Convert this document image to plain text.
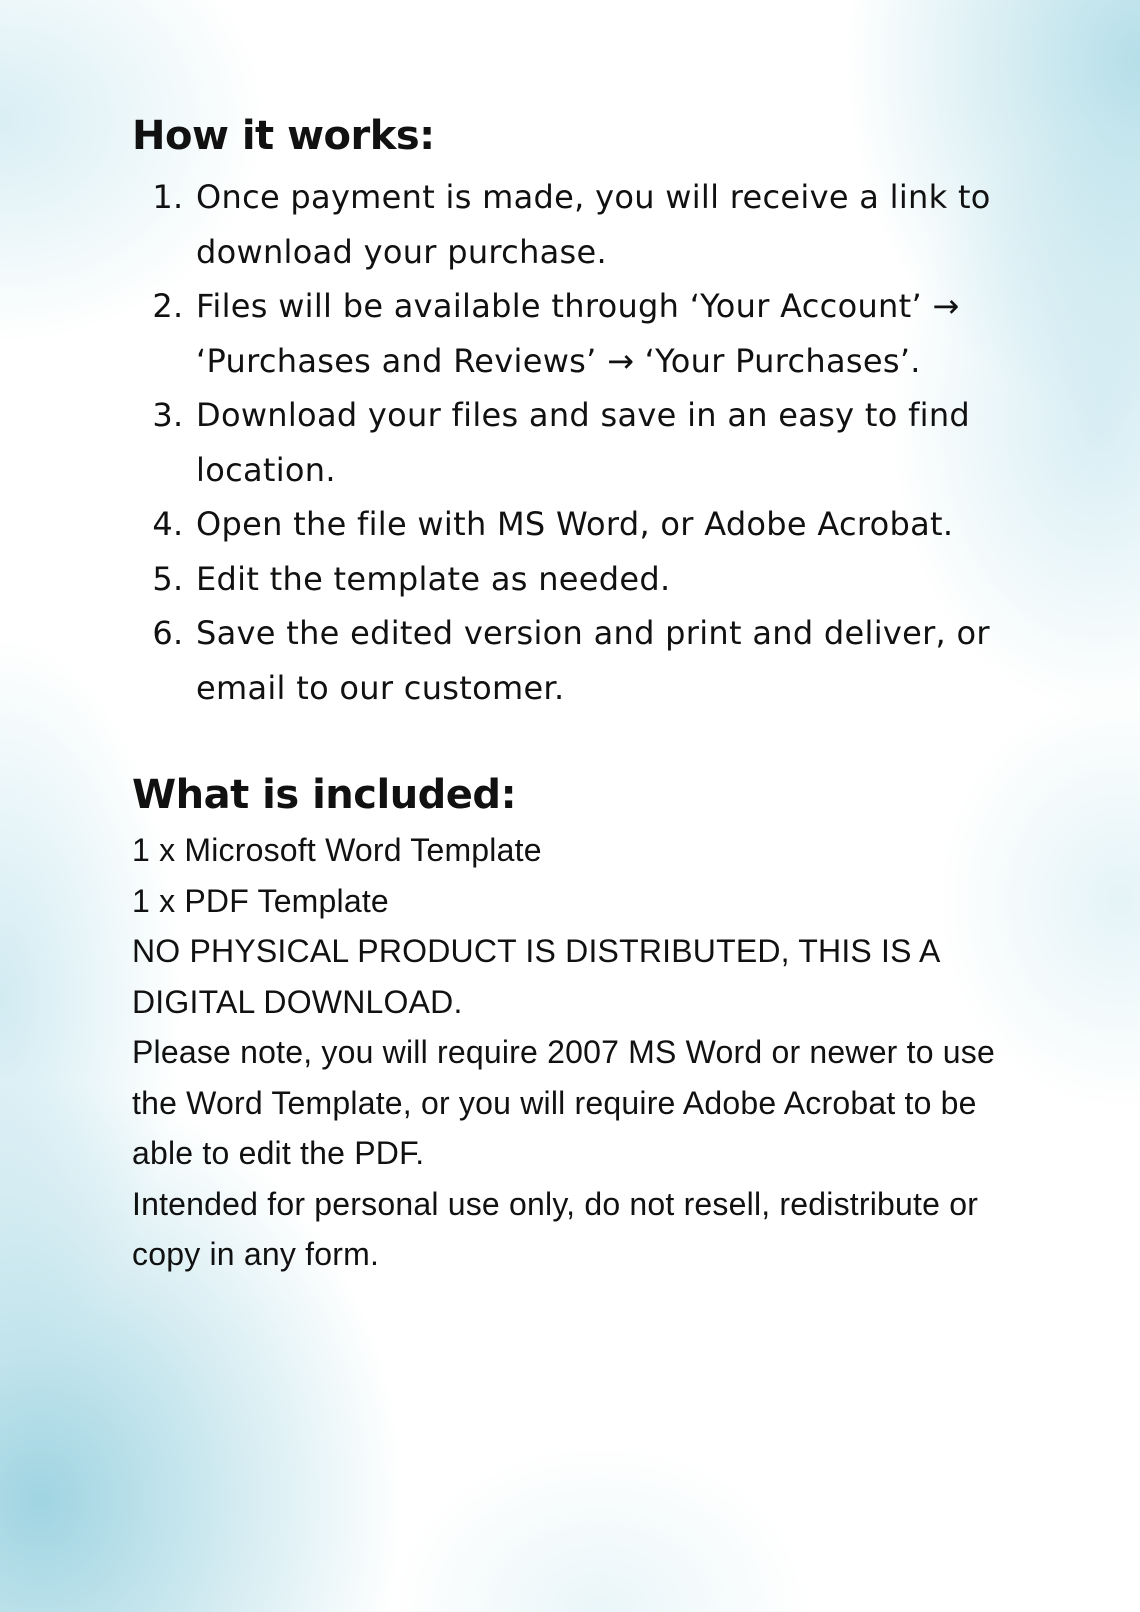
How it works:
1. Once payment is made, you will receive a link to download your purchase.
2. Files will be available through ‘Your Account’ → ‘Purchases and Reviews’ → ‘Your Purchases’.
3. Download your files and save in an easy to find location.
4. Open the file with MS Word, or Adobe Acrobat.
5. Edit the template as needed.
6. Save the edited version and print and deliver, or email to our customer.
What is included:

1 x Microsoft Word Template

1 x PDF Template

NO PHYSICAL PRODUCT IS DISTRIBUTED, THIS IS A DIGITAL DOWNLOAD.

Please note, you will require 2007 MS Word or newer to use the Word Template, or you will require Adobe Acrobat to be able to edit the PDF.

Intended for personal use only, do not resell, redistribute or copy in any form.
